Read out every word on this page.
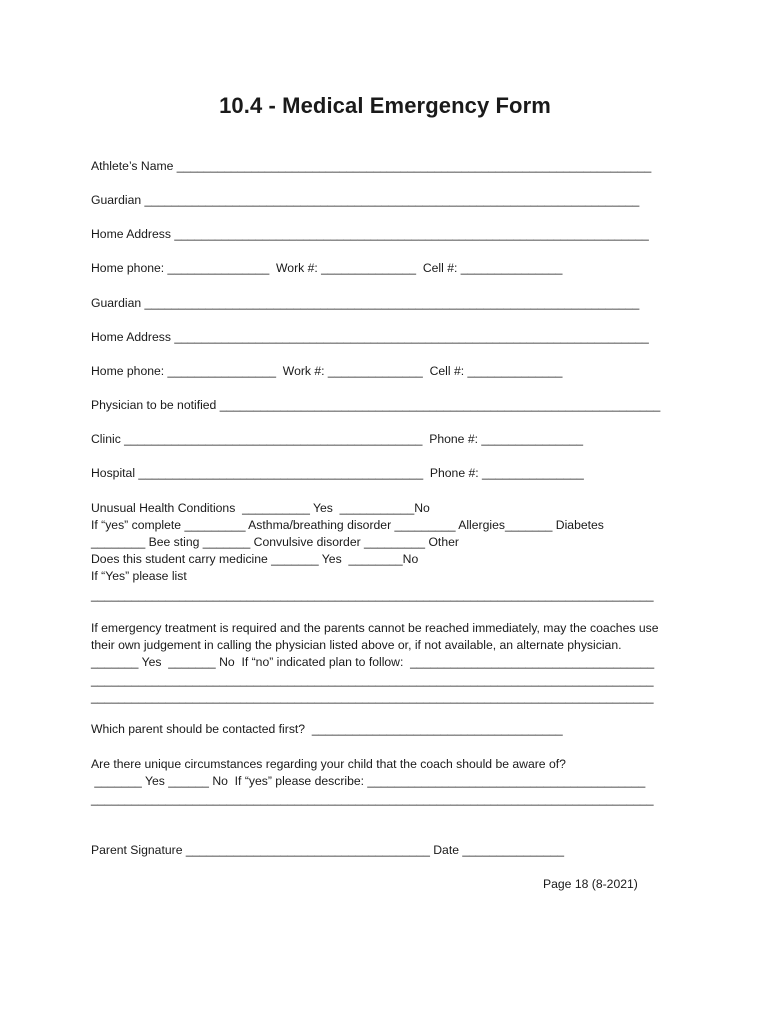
10.4 - Medical Emergency Form
Athlete’s Name ______________________________________________________________________
Guardian _________________________________________________________________________
Home Address ______________________________________________________________________
Home phone: _______________  Work #: ______________  Cell #: _______________
Guardian _________________________________________________________________________
Home Address ______________________________________________________________________
Home phone: ________________  Work #: ______________  Cell #: ______________
Physician to be notified _________________________________________________________________
Clinic ____________________________________________  Phone #: _______________
Hospital __________________________________________  Phone #: _______________
Unusual Health Conditions  __________ Yes  ___________No
If “yes” complete _________ Asthma/breathing disorder _________ Allergies_______ Diabetes
________ Bee sting _______ Convulsive disorder _________ Other
Does this student carry medicine _______ Yes  ________No
If “Yes” please list
___________________________________________________________________________________
If emergency treatment is required and the parents cannot be reached immediately, may the coaches use
their own judgement in calling the physician listed above or, if not available, an alternate physician.
_______ Yes  _______ No  If “no” indicated plan to follow:  ____________________________________
___________________________________________________________________________________
___________________________________________________________________________________
Which parent should be contacted first?  _____________________________________
Are there unique circumstances regarding your child that the coach should be aware of?
_______ Yes ______ No  If “yes” please describe: _________________________________________
___________________________________________________________________________________
Parent Signature ____________________________________ Date _______________
Page 18 (8-2021)
